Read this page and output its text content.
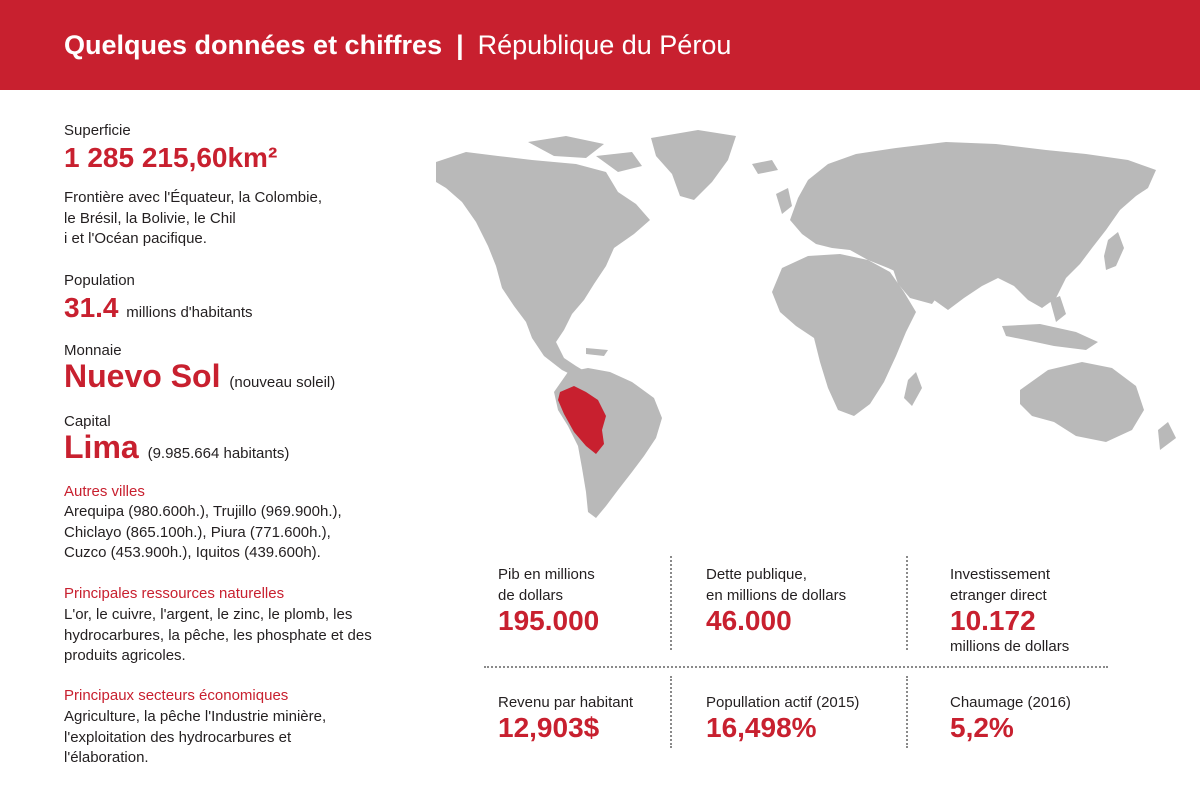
Quelques données et chiffres | République du Pérou
Superficie
1 285 215,60km²
Frontière avec l'Équateur, la Colombie,
le Brésil, la Bolivie, le Chil
i et l'Océan pacifique.
Population
31.4 millions d'habitants
Monnaie
Nuevo Sol (nouveau soleil)
Capital
Lima (9.985.664 habitants)
Autres villes
Arequipa (980.600h.), Trujillo (969.900h.),
Chiclayo (865.100h.), Piura (771.600h.),
Cuzco (453.900h.), Iquitos (439.600h).
Principales ressources naturelles
L'or, le cuivre, l'argent, le zinc, le plomb, les
hydrocarbures, la pêche, les phosphate et des
produits agricoles.
Principaux secteurs économiques
Agriculture, la pêche l'Industrie minière,
l'exploitation des hydrocarbures et
l'élaboration.
Pib en millions
de dollars
195.000
Dette publique,
en millions de dollars
46.000
Investissement
etranger direct
10.172
millions de dollars
Revenu par habitant
12,903$
Popullation actif (2015)
16,498%
Chaumage (2016)
5,2%
